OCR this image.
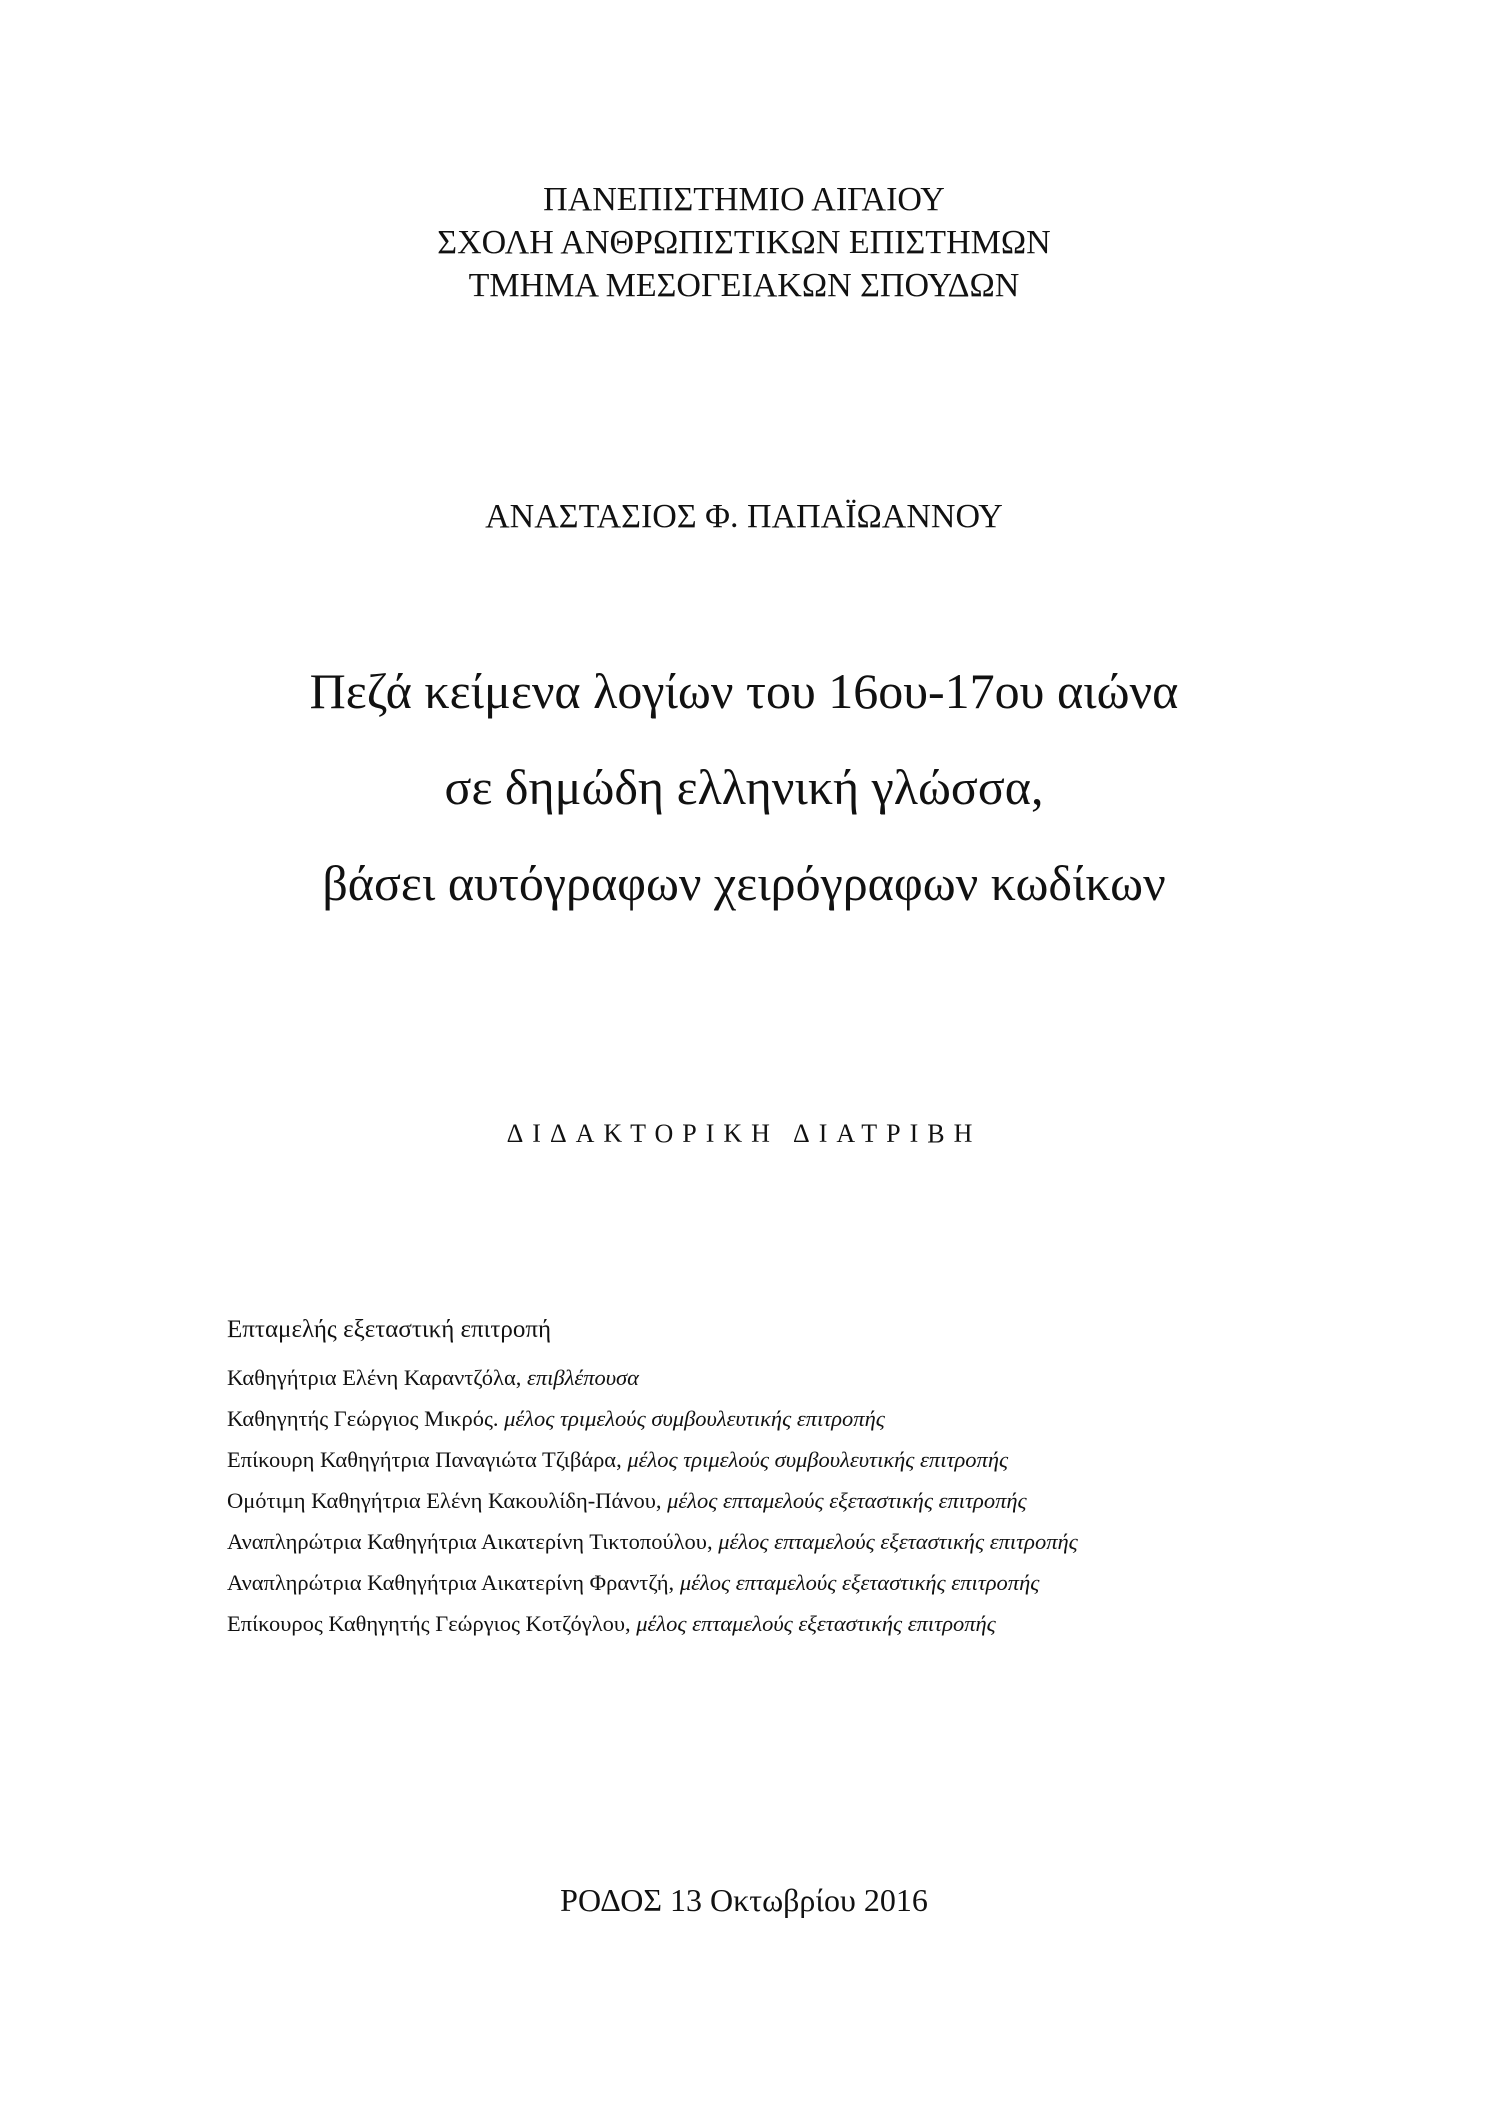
ΠΑΝΕΠΙΣΤΗΜΙΟ ΑΙΓΑΙΟΥ
ΣΧΟΛΗ ΑΝΘΡΩΠΙΣΤΙΚΩΝ ΕΠΙΣΤΗΜΩΝ
ΤΜΗΜΑ ΜΕΣΟΓΕΙΑΚΩΝ ΣΠΟΥΔΩΝ
ΑΝΑΣΤΑΣΙΟΣ Φ. ΠΑΠΑΪΩΑΝΝΟΥ
Πεζά κείμενα λογίων του 16ου-17ου αιώνα
σε δημώδη ελληνική γλώσσα,
βάσει αυτόγραφων χειρόγραφων κωδίκων
ΔΙΔΑΚΤΟΡΙΚΗ ΔΙΑΤΡΙΒΗ
Επταμελής εξεταστική επιτροπή
Καθηγήτρια Ελένη Καραντζόλα, επιβλέπουσα
Καθηγητής Γεώργιος Μικρός. μέλος τριμελούς συμβουλευτικής επιτροπής
Επίκουρη Καθηγήτρια Παναγιώτα Τζιβάρα, μέλος τριμελούς συμβουλευτικής επιτροπής
Ομότιμη Καθηγήτρια Ελένη Κακουλίδη-Πάνου, μέλος επταμελούς εξεταστικής επιτροπής
Αναπληρώτρια Καθηγήτρια Αικατερίνη Τικτοπούλου, μέλος επταμελούς εξεταστικής επιτροπής
Αναπληρώτρια Καθηγήτρια Αικατερίνη Φραντζή, μέλος επταμελούς εξεταστικής επιτροπής
Επίκουρος Καθηγητής Γεώργιος Κοτζόγλου, μέλος επταμελούς εξεταστικής επιτροπής
ΡΟΔΟΣ 13 Οκτωβρίου 2016
